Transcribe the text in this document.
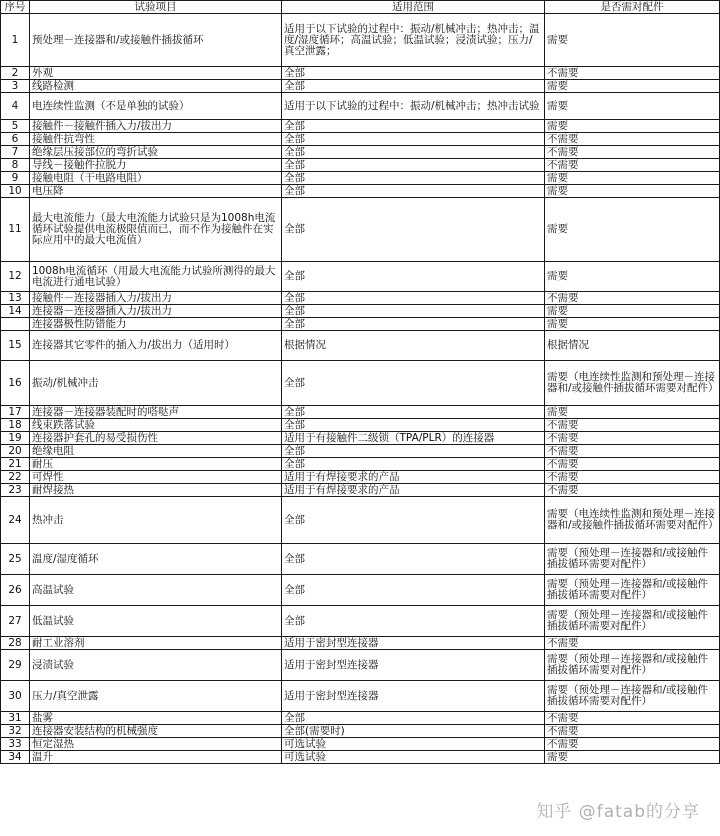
序号	试验项目	适用范围	是否需对配件
1	预处理－连接器和/或接触件插拔循环	适用于以下试验的过程中：振动/机械冲击；热冲击；温度/湿度循环；高温试验；低温试验；浸渍试验；压力/真空泄露；	需要
2	外观	全部	不需要
3	线路检测	全部	需要
4	电连续性监测（不是单独的试验）	适用于以下试验的过程中：振动/机械冲击；热冲击试验	需要
5	接触件－接触件插入力/拔出力	全部	需要
6	接触件抗弯性	全部	不需要
7	绝缘层压接部位的弯折试验	全部	不需要
8	导线－接触件拉脱力	全部	不需要
9	接触电阻（干电路电阻）	全部	需要
10	电压降	全部	需要
11	最大电流能力（最大电流能力试验只是为1008h电流循环试验提供电流极限值而已，而不作为接触件在实际应用中的最大电流值）	全部	需要
12	1008h电流循环（用最大电流能力试验所测得的最大电流进行通电试验）	全部	需要
13	接触件－连接器插入力/拔出力	全部	不需要
14	连接器－连接器插入力/拔出力	全部	需要
	连接器极性防错能力	全部	需要
15	连接器其它零件的插入力/拔出力（适用时）	根据情况	根据情况
16	振动/机械冲击	全部	需要（电连续性监测和预处理－连接器和/或接触件插拔循环需要对配件）
17	连接器－连接器装配时的嗒哒声	全部	需要
18	线束跌落试验	全部	不需要
19	连接器护套孔的易受损伤性	适用于有接触件二级锁（TPA/PLR）的连接器	不需要
20	绝缘电阻	全部	不需要
21	耐压	全部	不需要
22	可焊性	适用于有焊接要求的产品	不需要
23	耐焊接热	适用于有焊接要求的产品	不需要
24	热冲击	全部	需要（电连续性监测和预处理－连接器和/或接触件插拔循环需要对配件）
25	温度/湿度循环	全部	需要（预处理－连接器和/或接触件插拔循环需要对配件）
26	高温试验	全部	需要（预处理－连接器和/或接触件插拔循环需要对配件）
27	低温试验	全部	需要（预处理－连接器和/或接触件插拔循环需要对配件）
28	耐工业溶剂	适用于密封型连接器	不需要
29	浸渍试验	适用于密封型连接器	需要（预处理－连接器和/或接触件插拔循环需要对配件）
30	压力/真空泄露	适用于密封型连接器	需要（预处理－连接器和/或接触件插拔循环需要对配件）
31	盐雾	全部	不需要
32	连接器安装结构的机械强度	全部(需要时)	不需要
33	恒定湿热	可选试验	不需要
34	温升	可选试验	需要
知乎 @fatab的分享
